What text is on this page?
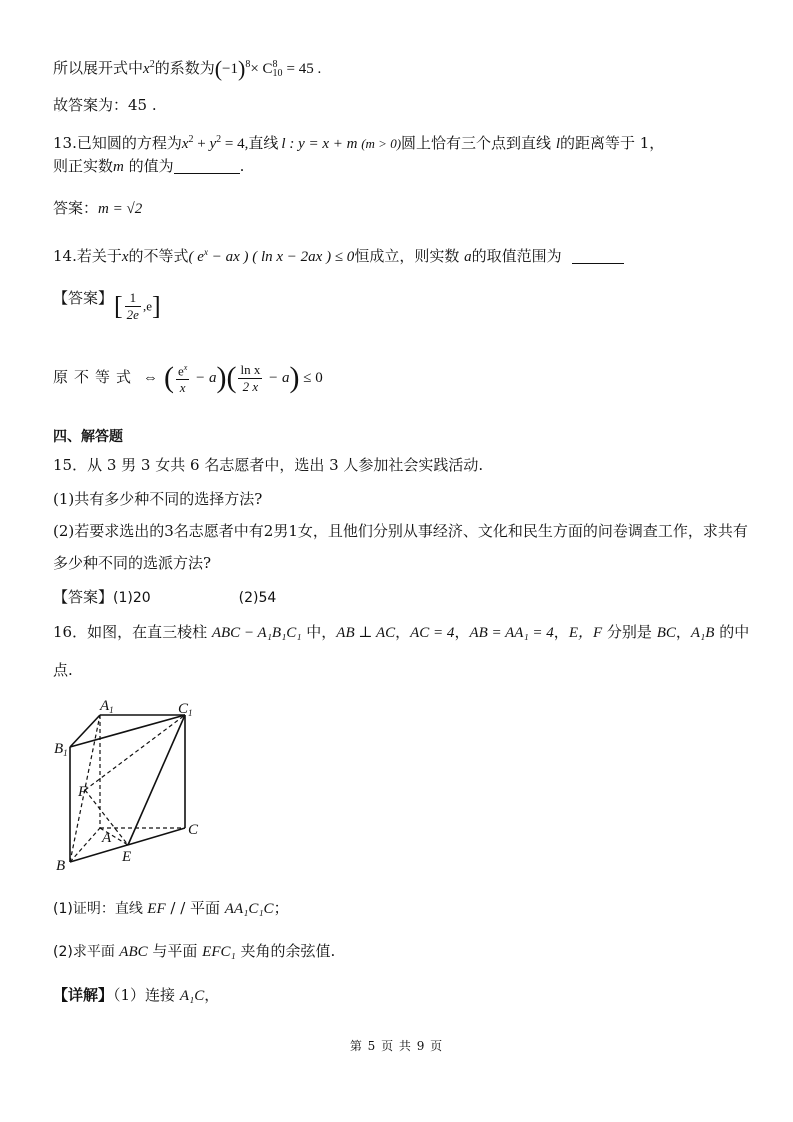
所以展开式中$x^2$的系数为$(-1)^8\times C$ 8
10 = 45 .
故答案为：45 .
13.已知圆的方程为$x^2 + y^2 = 4$,直线 l : y = x + m (m > 0)圆上恰有三个点到直线 l的距离等于 1，
则正实数m 的值为	.
答案：m = √2
14.若关于x的不等式( $e^x$ − ax ) ( ln x − 2ax ) ≤ 0恒成立，则实数 a的取值范围为
【答案】 [ $\frac{1}{2e} ,e$]
原不等式 ⇔ ( $\frac{e^x}{x} - a)( \frac{\text{ln x}}{2 x} - a) \le 0$
四、解答题
15．从 3 男 3 女共 6 名志愿者中，选出 3 人参加社会实践活动.
(1)共有多少种不同的选择方法?
(2)若要求选出的3名志愿者中有2男1女，且他们分别从事经济、文化和民生方面的问卷调查工作，求共有
多少种不同的选派方法?
【答案】(1)20	(2)54
16．如图，在直三棱柱 ABC − A₁B₁C₁ 中，AB ⊥ AC，AC = 4，AB = AA₁ = 4，E，F 分别是 BC，A₁B 的中
点.
$A_1$	$C_1$
$B_1$
F
A	C
B
E
(1)证明：直线 EF / / 平面 AA₁C₁C；
(2)求平面 ABC 与平面 EFC₁ 夹角的余弦值.
【详解】（1）连接 A₁C，
第 5 页 共 9 页
